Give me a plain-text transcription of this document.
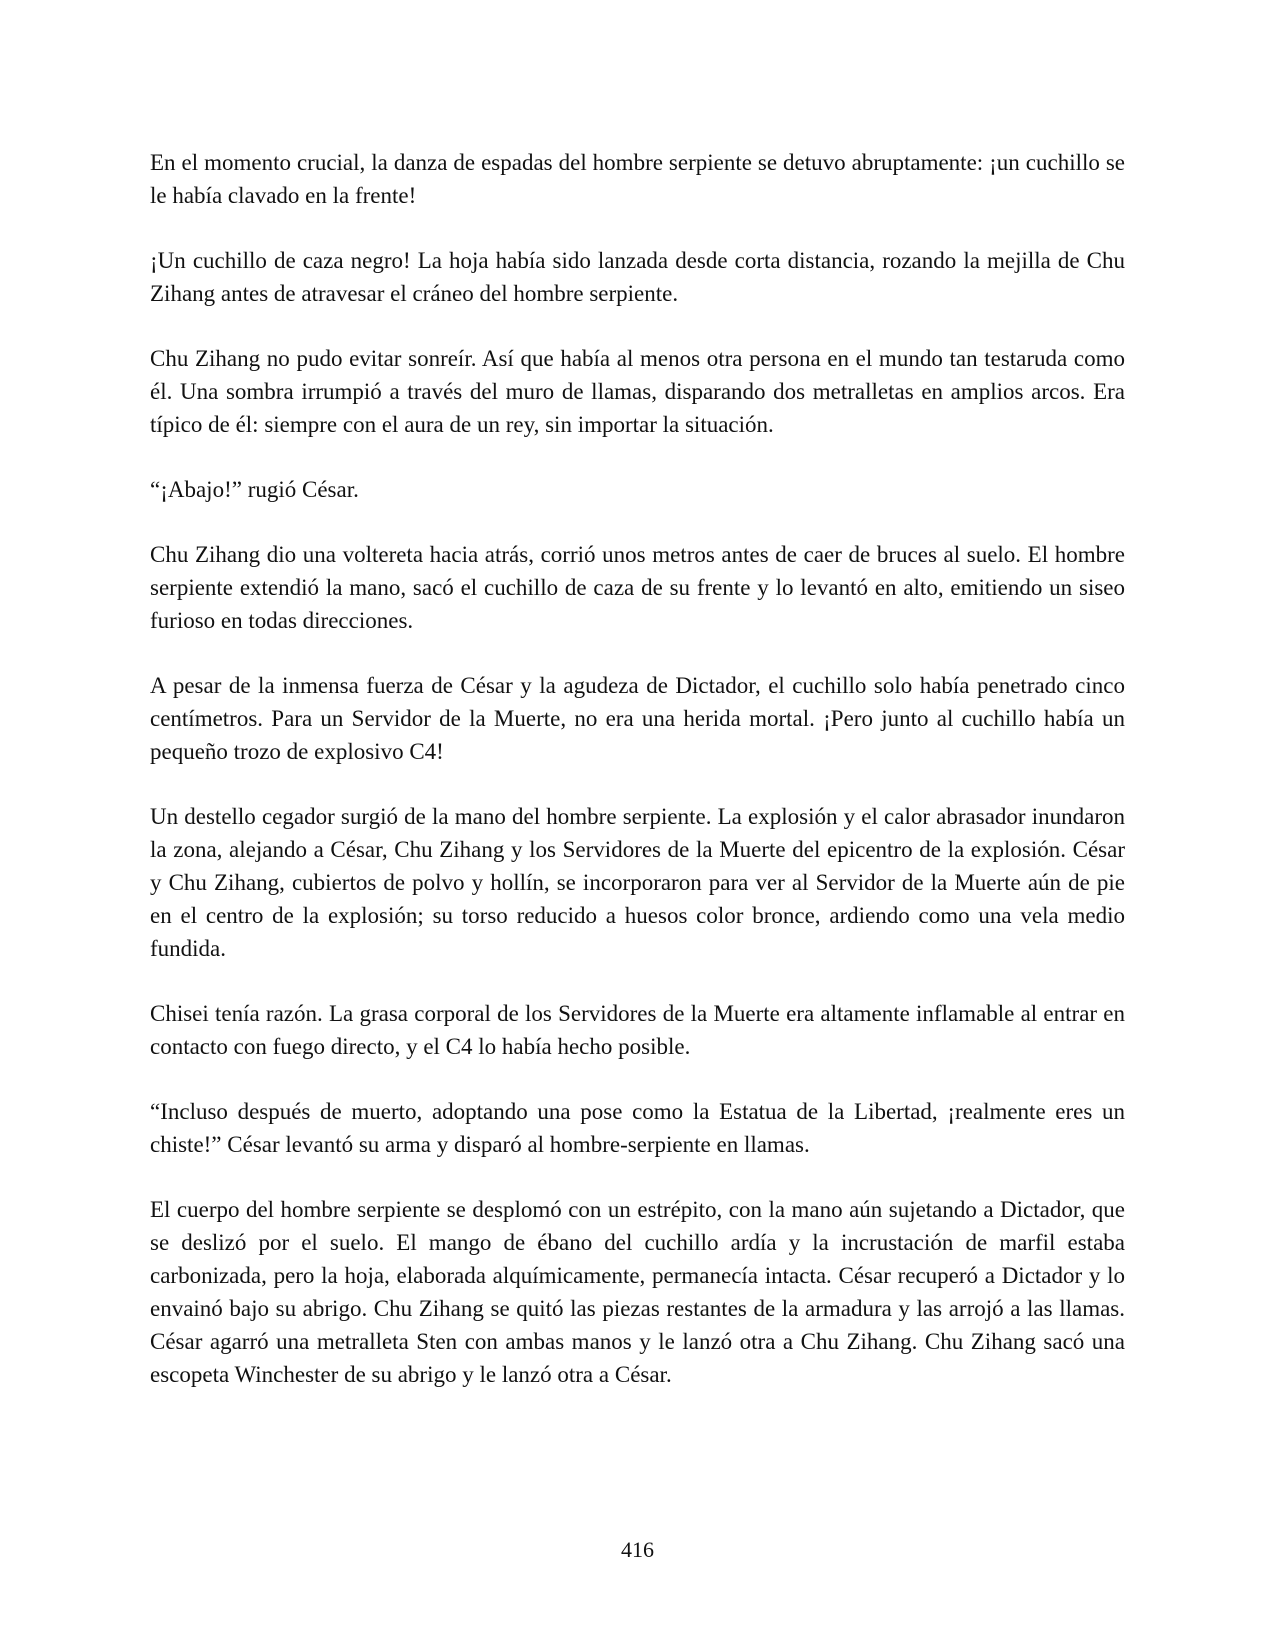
En el momento crucial, la danza de espadas del hombre serpiente se detuvo abruptamente: ¡un cuchillo se le había clavado en la frente!

¡Un cuchillo de caza negro! La hoja había sido lanzada desde corta distancia, rozando la mejilla de Chu Zihang antes de atravesar el cráneo del hombre serpiente.

Chu Zihang no pudo evitar sonreír. Así que había al menos otra persona en el mundo tan testaruda como él. Una sombra irrumpió a través del muro de llamas, disparando dos metralletas en amplios arcos. Era típico de él: siempre con el aura de un rey, sin importar la situación.

“¡Abajo!” rugió César.

Chu Zihang dio una voltereta hacia atrás, corrió unos metros antes de caer de bruces al suelo. El hombre serpiente extendió la mano, sacó el cuchillo de caza de su frente y lo levantó en alto, emitiendo un siseo furioso en todas direcciones.

A pesar de la inmensa fuerza de César y la agudeza de Dictador, el cuchillo solo había penetrado cinco centímetros. Para un Servidor de la Muerte, no era una herida mortal. ¡Pero junto al cuchillo había un pequeño trozo de explosivo C4!

Un destello cegador surgió de la mano del hombre serpiente. La explosión y el calor abrasador inundaron la zona, alejando a César, Chu Zihang y los Servidores de la Muerte del epicentro de la explosión. César y Chu Zihang, cubiertos de polvo y hollín, se incorporaron para ver al Servidor de la Muerte aún de pie en el centro de la explosión; su torso reducido a huesos color bronce, ardiendo como una vela medio fundida.

Chisei tenía razón. La grasa corporal de los Servidores de la Muerte era altamente inflamable al entrar en contacto con fuego directo, y el C4 lo había hecho posible.

“Incluso después de muerto, adoptando una pose como la Estatua de la Libertad, ¡realmente eres un chiste!” César levantó su arma y disparó al hombre-serpiente en llamas.

El cuerpo del hombre serpiente se desplomó con un estrépito, con la mano aún sujetando a Dictador, que se deslizó por el suelo. El mango de ébano del cuchillo ardía y la incrustación de marfil estaba carbonizada, pero la hoja, elaborada alquímicamente, permanecía intacta. César recuperó a Dictador y lo envainó bajo su abrigo. Chu Zihang se quitó las piezas restantes de la armadura y las arrojó a las llamas. César agarró una metralleta Sten con ambas manos y le lanzó otra a Chu Zihang. Chu Zihang sacó una escopeta Winchester de su abrigo y le lanzó otra a César.

416
